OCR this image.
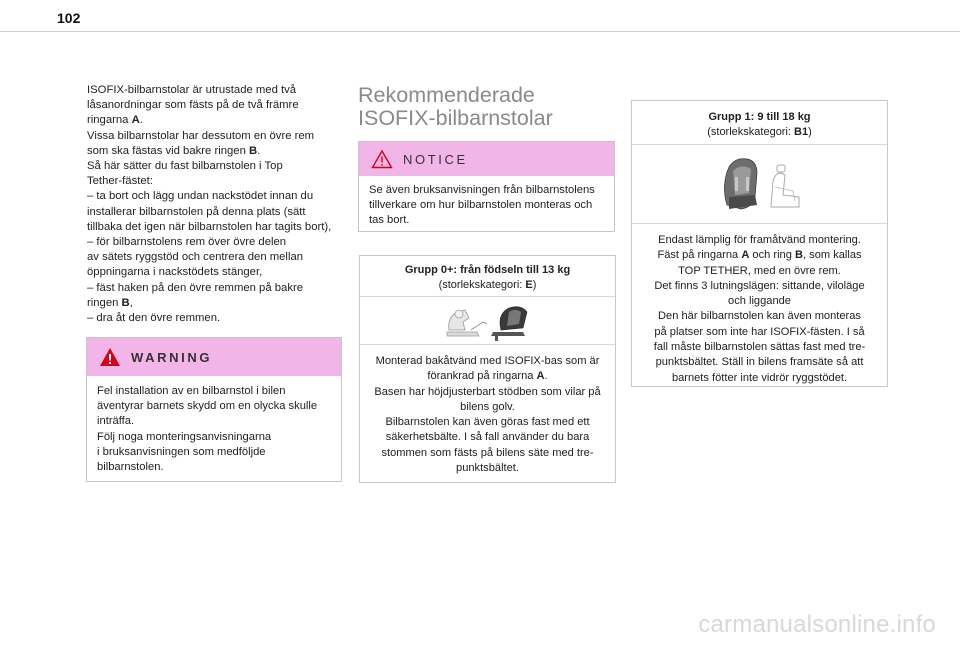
102
ISOFIX-bilbarnstolar är utrustade med två
låsanordningar som fästs på de två främre
ringarna A.
Vissa bilbarnstolar har dessutom en övre rem
som ska fästas vid bakre ringen B.
Så här sätter du fast bilbarnstolen i Top
Tether-fästet:
– ta bort och lägg undan nackstödet innan du
installerar bilbarnstolen på denna plats (sätt
tillbaka det igen när bilbarnstolen har tagits bort),
– för bilbarnstolens rem över övre delen
av sätets ryggstöd och centrera den mellan
öppningarna i nackstödets stänger,
– fäst haken på den övre remmen på bakre
ringen B,
– dra åt den övre remmen.
WARNING
Fel installation av en bilbarnstol i bilen
äventyrar barnets skydd om en olycka skulle
inträffa.
Följ noga monteringsanvisningarna
i bruksanvisningen som medföljde
bilbarnstolen.
Rekommenderade
ISOFIX-bilbarnstolar
NOTICE
Se även bruksanvisningen från bilbarnstolens
tillverkare om hur bilbarnstolen monteras och
tas bort.
Grupp 0+: från födseln till 13 kg
(storlekskategori: E)
Monterad bakåtvänd med ISOFIX-bas som är
förankrad på ringarna A.
Basen har höjdjusterbart stödben som vilar på
bilens golv.
Bilbarnstolen kan även göras fast med ett
säkerhetsbälte. I så fall använder du bara
stommen som fästs på bilens säte med tre-
punktsbältet.
Grupp 1: 9 till 18 kg
(storlekskategori: B1)
Endast lämplig för framåtvänd montering.
Fäst på ringarna A och ring B, som kallas
TOP TETHER, med en övre rem.
Det finns 3 lutningslägen: sittande, viloläge
och liggande
Den här bilbarnstolen kan även monteras
på platser som inte har ISOFIX-fästen. I så
fall måste bilbarnstolen sättas fast med tre-
punktsbältet. Ställ in bilens framsäte så att
barnets fötter inte vidrör ryggstödet.
carmanualsonline.info
